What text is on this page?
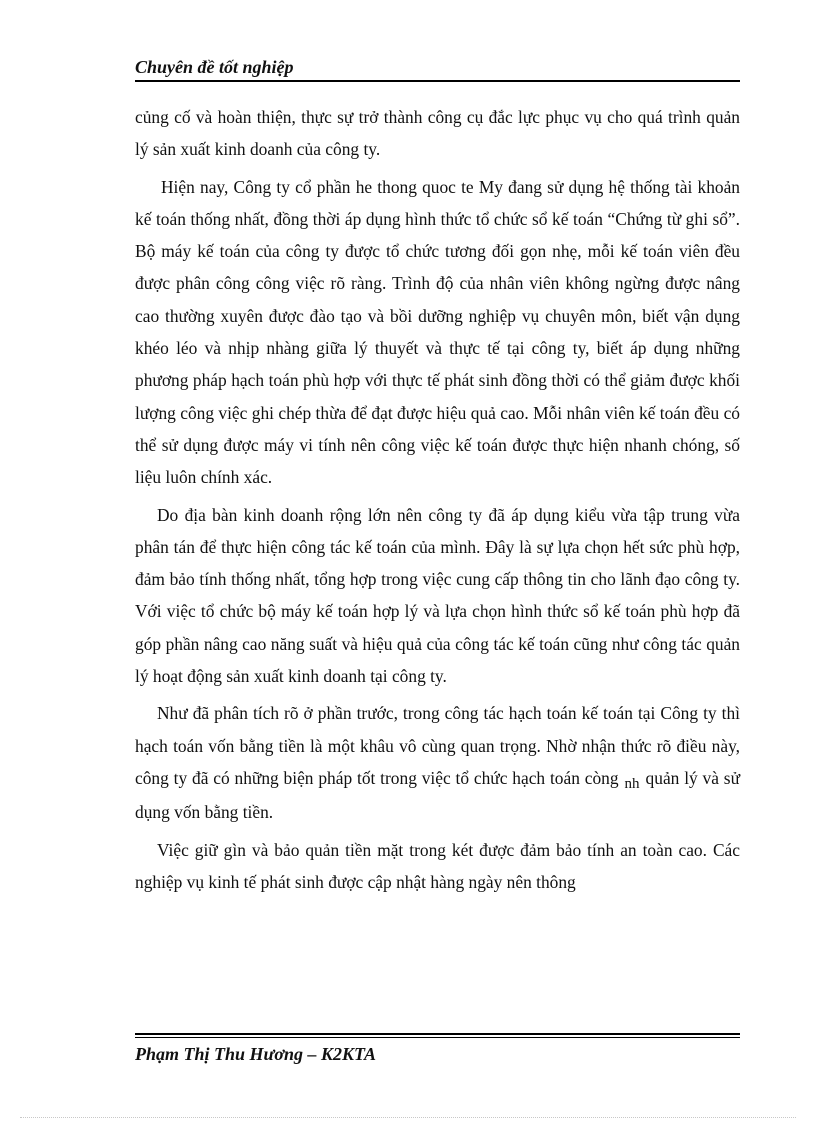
Chuyên đề tốt nghiệp

củng cố và hoàn thiện, thực sự trở thành công cụ đắc lực phục vụ cho quá trình quản lý sản xuất kinh doanh của công ty.

Hiện nay, Công ty cổ phần he thong quoc te My đang sử dụng hệ thống tài khoản kế toán thống nhất, đồng thời áp dụng hình thức tổ chức sổ kế toán “Chứng từ ghi sổ”. Bộ máy kế toán của công ty được tổ chức tương đối gọn nhẹ, mỗi kế toán viên đều được phân công công việc rõ ràng. Trình độ của nhân viên không ngừng được nâng cao thường xuyên được đào tạo và bồi dưỡng nghiệp vụ chuyên môn, biết vận dụng khéo léo và nhịp nhàng giữa lý thuyết và thực tế tại công ty, biết áp dụng những phương pháp hạch toán phù hợp với thực tế phát sinh đồng thời có thể giảm được khối lượng công việc ghi chép thừa để đạt được hiệu quả cao. Mỗi nhân viên kế toán đều có thể sử dụng được máy vi tính nên công việc kế toán được thực hiện nhanh chóng, số liệu luôn chính xác.

Do địa bàn kinh doanh rộng lớn nên công ty đã áp dụng kiểu vừa tập trung vừa phân tán để thực hiện công tác kế toán của mình. Đây là sự lựa chọn hết sức phù hợp, đảm bảo tính thống nhất, tổng hợp trong việc cung cấp thông tin cho lãnh đạo công ty. Với việc tổ chức bộ máy kế toán hợp lý và lựa chọn hình thức sổ kế toán phù hợp đã góp phần nâng cao năng suất và hiệu quả của công tác kế toán cũng như công tác quản lý hoạt động sản xuất kinh doanh tại công ty.

Như đã phân tích rõ ở phần trước, trong công tác hạch toán kế toán tại Công ty thì hạch toán vốn bằng tiền là một khâu vô cùng quan trọng. Nhờ nhận thức rõ điều này, công ty đã có những biện pháp tốt trong việc tổ chức hạch toán còng nh quản lý và sử dụng vốn bằng tiền.

Việc giữ gìn và bảo quản tiền mặt trong két được đảm bảo tính an toàn cao. Các nghiệp vụ kinh tế phát sinh được cập nhật hàng ngày nên thông

Phạm Thị Thu Hương – K2KTA
